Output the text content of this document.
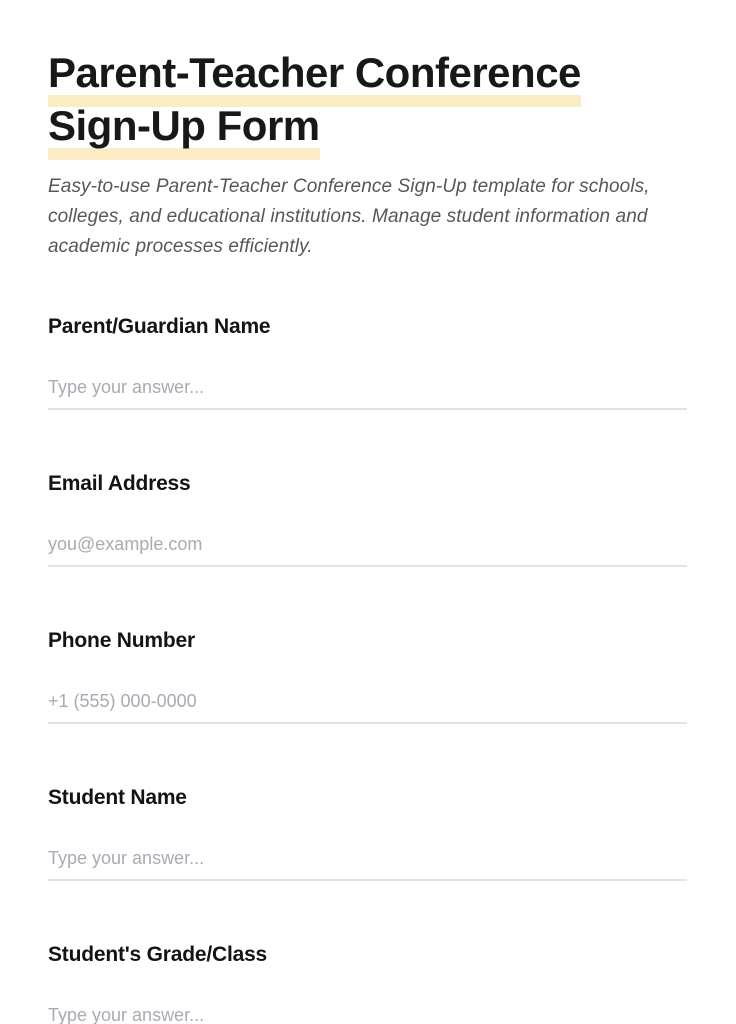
Parent-Teacher Conference
Sign-Up Form

Easy-to-use Parent-Teacher Conference Sign-Up template for schools, colleges, and educational institutions. Manage student information and academic processes efficiently.

Parent/Guardian Name
Type your answer...
Email Address
you@example.com
Phone Number
+1 (555) 000-0000
Student Name
Type your answer...
Student's Grade/Class
Type your answer...
